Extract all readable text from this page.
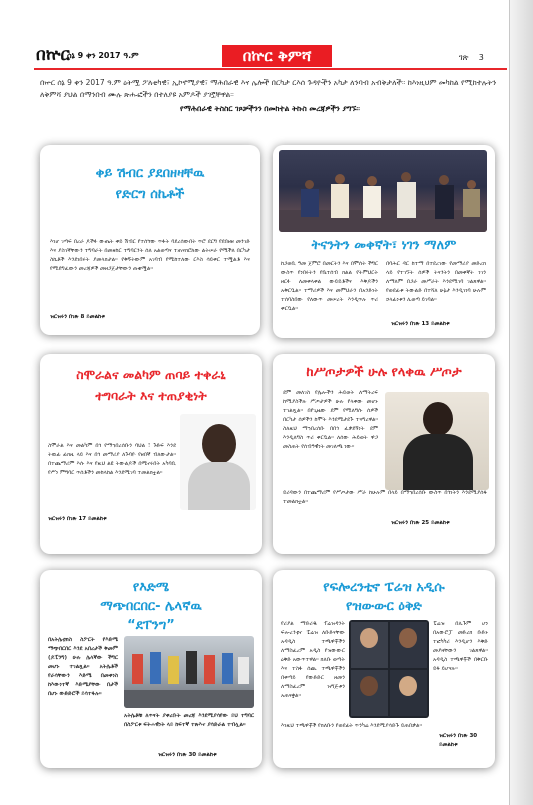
በኵር
ሰኔ 9 ቀን 2017 ዓ.ም	በኵር ቅምሻ	ገጽ 3
በኵር ሰኔ 9 ቀን 2017 ዓ.ም ዕትሟ ፖለቲካዊ፣ ኢኮኖሚያዊ፣ ማሕበራዊ እና ሌሎች በርካታ ርእሰ ጉዳዮችን አካታ ለንባብ አብቅታለች። ከእነዚህም መካከል የሚከተሉትን ለቅምሻ ያህል በማንበብ ሙሉ ጽሑፎችን በተለያዩ አምዶች ያገኟቸዋል።
የማሕበራዊ ትስስር ገጾቻችንን በመከተል ትኩስ መረጃዎችን ያግኙ።
ቀይ ሽብር ያደበዘዛቸዉ
የድርግ ሰኬቶች
እነሆ ገጣፍ በረራ ዶችፉ ውጤት ቀይ ሽብር የተሰኘው ጥፋት ባደረሰውበት ጥሮ ደርግ የደበዘዘ መንገድ እና ያስገኛቸውን ተግባራት በመዘከር ተግባርንት ሰለ አልወጣና ተጠናክሮለው ልትሠራ የሚችለ በርካታ ስኬቶች እንደነበሩት ያመላክታል። የቅኝትውም አገባብ የሚከተለው ርእስ ሳይቀር ተሟልቶ እና የሚደግፈውን መረጃዎች መዘጋጀታቸውን ጠቁሟል።
ዝርዝሩን በገጽ 8 ይመልከቱ
ትናንትን መቀኛት፣ ነገን ማለም
ከጋወቢ ዓመ ጀምሮ በመርትን እና በሞሰት ችግር ውስጥ የነበሩትን የቤተሰብ ክልል የትምህርት ዘርፉ ለመቀላቀል ውይይቶችና እቅዶችን አቅርቧል። ተማሪዎች እና መምህራን በአንድነት ተሰባስበው የለውጥ መሠረት እንዲጥሉ ጥሪ ቀርቧል።
በባሕር ዳር ከተማ በተደረገው የመማሪያ መድረክ ላይ የተገኙት ሰዎች ትናንትን በመቀኛት ነገን ለማለም በጋራ መሥራት እንደሚገባ ገልጸዋል። የወደፊቱ ትውልድ በተሻለ ሁኔታ እንዲገነባ ሁሉም ኃላፊነቱን ሊወጣ ይገባል።
ዝርዝሩን በገጽ 13 ይመልከቱ
ስሞራልና መልካም ጠባይ ተቀራኒ
ተግባራት እና ተጠያቂነት
ስሞራል እና መልካም በጎ የማኅበረሰቡን ባህል ፣ ጉድፍ እንደ ትዉፊ ፊክዚ ላይ እና በጎ መማሪያ ለጉባዮ የዘበኛ ብለውታል። በተጨማሪም እሱ እና የዚህ ልዩ ትውልዶች በሚኖሩበት አካባቢ የሥነ ምግባር ጥሰቶችን መከላከል እንደሚገባ ተመልክቷል።
ዝርዝሩን በገጽ 17 ይመልከቱ
ከሥጦታዎች ሁሉ የላቀዉ ሥጦታ
ደም መለገስ የሌሎችን ሕይወት ለማትረፍ ከሚያስችሉ ሥጦታዎች ሁሉ የላቀው መሆኑ ተገልጿል። በየጊዜው ደም የሚለግሱ ሰዎች በርካታ ሰዎችን ከሞት እንደሚታደጉ ተናግረዋል። ስለዚህ ማኅበረሰቡ በበጎ ፈቃደኝነት ደም እንዲለግስ ጥሪ ቀርቧል። ለሰው ሕይወት ዋጋ መስጠት የሰብዓዊነት መገለጫ ነው።
ይሪዳውን በተጨማሪም የሥጦታው ሥራ ከሁሉም በላይ በማኅበረሰቡ ውስጥ በጎነትን እንደሚያሰፋ ተመልክቷል።
ዝርዝሩን በገጽ 25 ይመልከቱ
የእድሜ
ማጭበርበር- ሌላኛዉ
“ደፐንግ”
በአትሌቲክስ ስፖርት የእድሜ ማጭበርበር እንደ አበረታች ቅመም (ዶፒንግ) ሁሉ ሌላኛው ችግር መሆኑ ተገልጿል። አትሌቶች የራሳቸውን እድሜ በመቀነስ ከእውነተኛ እድሜያቸው በታች በሆኑ ውድድሮች ይሳተፋሉ።
አትሌቶቹ ለጥናት ያቀረቡት መረጃ እንደሚያሳየው ይህ ተግባር በስፖርቱ ፍትሐዊነት ላይ ከፍተኛ ተጽእኖ ያሳድራል ተብሏል።
ዝርዝሩን በገጽ 30 ይመልከቱ
የፍሎረንቲኖ ፔሬዝ አዲሱ
የዝውውር ዕቅድ
የሪያል ማድሪዱ ፕሬዝዳንት ፍሎረንቲኖ ፔሬዝ ለቡድናቸው አዳዲስ ተጫዋቾችን ለማስፈረም አዲስ የዝውውር ዕቅድ አውጥተዋል። ክለቡ ወጣት እና ተስፋ ሰጪ ተጫዋቾችን በቀጣይ የውድድር ዘመን ለማስፈረም ዝግጅቱን አጠናቋል።
ፔሬዝ በሊጉም ሆነ በአውሮፓ መድረክ ቡድኑ ተፎካካሪ እንዲሆን እቅድ መያዛቸውን ገልጸዋል። አዳዲስ ተጫዋቾች በቅርቡ ይፋ ይሆናሉ።
እነዚህ ተጫዋቾች የክለቡን የወደፊት ጥንካሬ እንደሚያሳድጉ ይጠበቃል።
ዝርዝሩን በገጽ 30 ይመልከቱ
